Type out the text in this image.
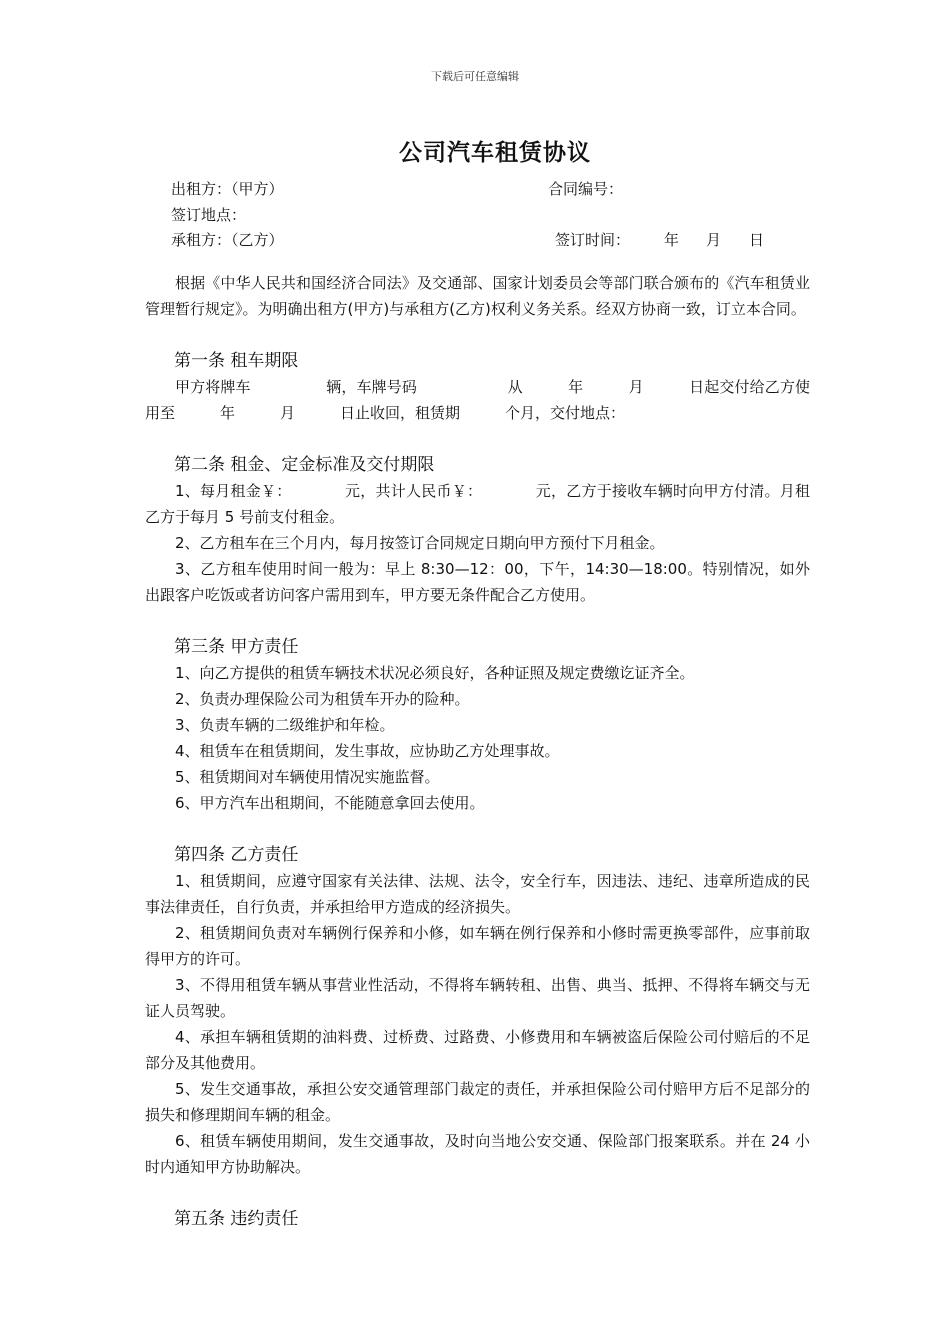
下载后可任意编辑
公司汽车租赁协议
出租方：（甲方）	合同编号：
签订地点：
承租方：（乙方）	签订时间： 年 月 日

根据《中华人民共和国经济合同法》及交通部、国家计划委员会等部门联合颁布的《汽车租赁业管理暂行规定》。为明确出租方(甲方)与承租方(乙方)权利义务关系。经双方协商一致，订立本合同。

第一条 租车期限

甲方将牌车　　　　　辆，车牌号码　　　　　　从　　　年　　　月　　　日起交付给乙方使用至　　　年　　　月　　　日止收回，租赁期　　　个月，交付地点：

第二条 租金、定金标准及交付期限

1、每月租金￥：　　　　元，共计人民币￥：　　　　元，乙方于接收车辆时向甲方付清。月租乙方于每月 5 号前支付租金。

2、乙方租车在三个月内，每月按签订合同规定日期向甲方预付下月租金。

3、乙方租车使用时间一般为：早上 8:30—12：00，下午，14:30—18:00。特别情况，如外出跟客户吃饭或者访问客户需用到车，甲方要无条件配合乙方使用。

第三条 甲方责任

1、向乙方提供的租赁车辆技术状况必须良好，各种证照及规定费缴讫证齐全。

2、负责办理保险公司为租赁车开办的险种。

3、负责车辆的二级维护和年检。

4、租赁车在租赁期间，发生事故，应协助乙方处理事故。

5、租赁期间对车辆使用情况实施监督。

6、甲方汽车出租期间，不能随意拿回去使用。

第四条 乙方责任

1、租赁期间，应遵守国家有关法律、法规、法令，安全行车，因违法、违纪、违章所造成的民事法律责任，自行负责，并承担给甲方造成的经济损失。

2、租赁期间负责对车辆例行保养和小修，如车辆在例行保养和小修时需更换零部件，应事前取得甲方的许可。

3、不得用租赁车辆从事营业性活动，不得将车辆转租、出售、典当、抵押、不得将车辆交与无证人员驾驶。

4、承担车辆租赁期的油料费、过桥费、过路费、小修费用和车辆被盗后保险公司付赔后的不足部分及其他费用。

5、发生交通事故，承担公安交通管理部门裁定的责任，并承担保险公司付赔甲方后不足部分的损失和修理期间车辆的租金。

6、租赁车辆使用期间，发生交通事故，及时向当地公安交通、保险部门报案联系。并在 24 小时内通知甲方协助解决。

第五条 违约责任
